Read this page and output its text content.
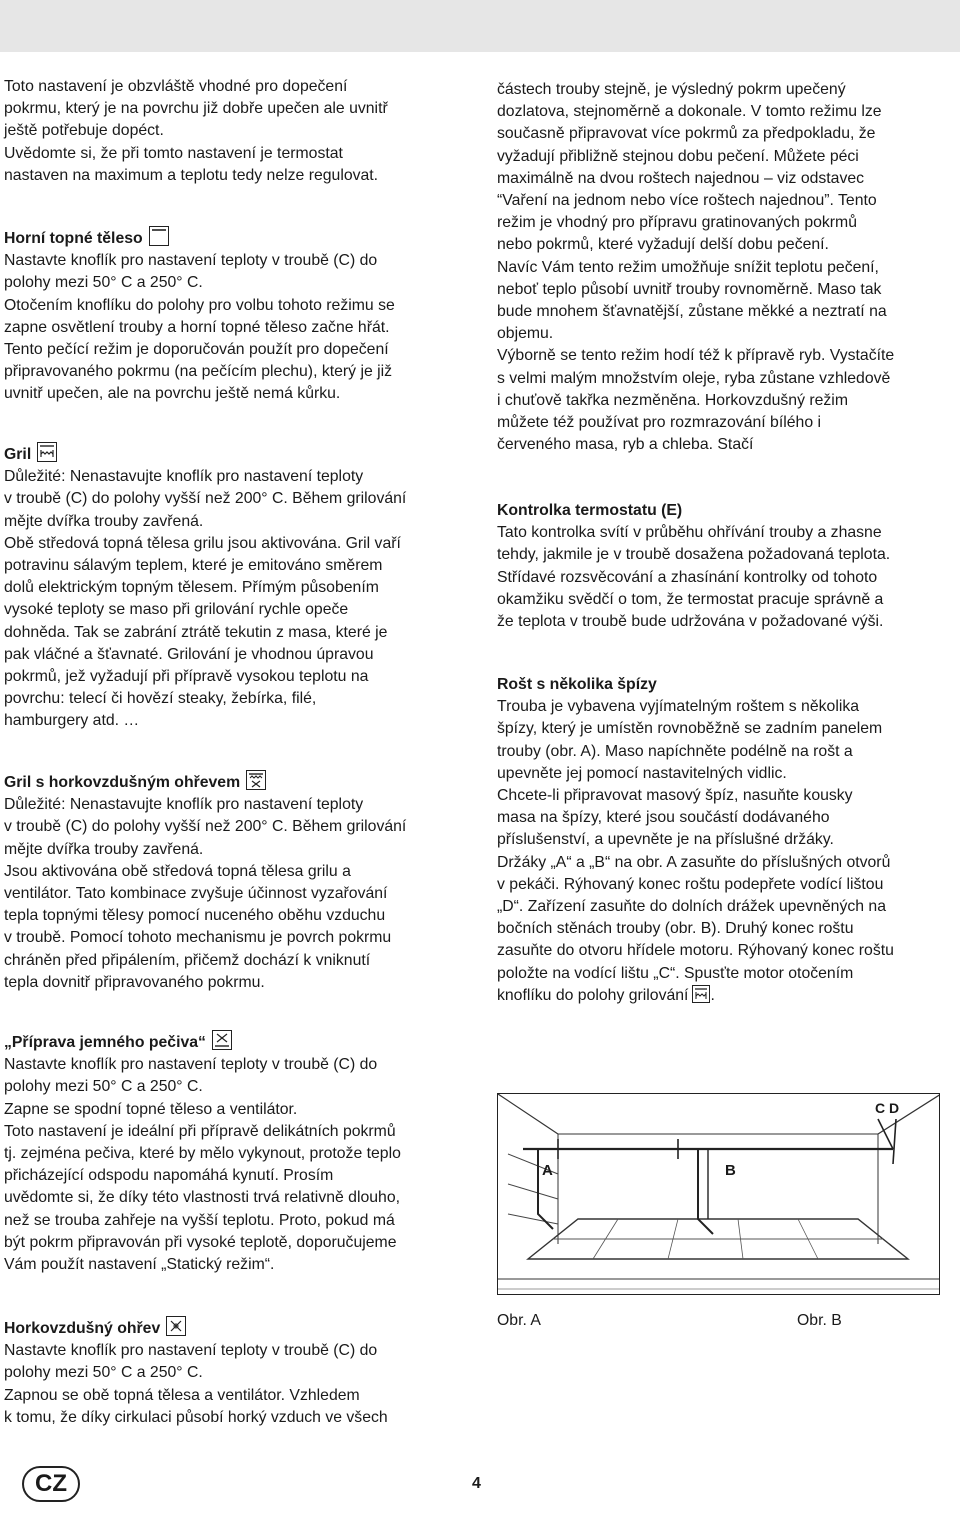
Toto nastavení je obzvláště vhodné pro dopečení

pokrmu, který je na povrchu již dobře upečen ale uvnitř

ještě potřebuje dopéct.

Uvědomte si, že při tomto nastavení je termostat

nastaven na maximum a teplotu tedy nelze regulovat.

Horní topné těleso

Nastavte knoflík pro nastavení teploty v troubě (C) do

polohy mezi 50° C a 250° C.

Otočením knoflíku do polohy pro volbu tohoto režimu se

zapne osvětlení trouby a horní topné těleso začne hřát.

Tento pečící režim je doporučován použít pro dopečení

připravovaného pokrmu (na pečícím plechu), který je již

uvnitř upečen, ale na povrchu ještě nemá kůrku.

Gril

Důležité: Nenastavujte knoflík pro nastavení teploty

v troubě (C) do polohy vyšší než 200° C. Během grilování

mějte dvířka trouby zavřená.

Obě středová topná tělesa grilu jsou aktivována. Gril vaří

potravinu sálavým teplem, které je emitováno směrem

dolů elektrickým topným tělesem. Přímým působením

vysoké teploty se maso při grilování rychle opeče

dohněda. Tak se zabrání ztrátě tekutin z masa, které je

pak vláčné a šťavnaté. Grilování je vhodnou úpravou

pokrmů, jež vyžadují při přípravě vysokou teplotu na

povrchu: telecí či hovězí steaky, žebírka, filé,

hamburgery atd. …

Gril s horkovzdušným ohřevem

Důležité: Nenastavujte knoflík pro nastavení teploty

v troubě (C) do polohy vyšší než 200° C. Během grilování

mějte dvířka trouby zavřená.

Jsou aktivována obě středová topná tělesa grilu a

ventilátor. Tato kombinace zvyšuje účinnost vyzařování

tepla topnými tělesy pomocí nuceného oběhu vzduchu

v troubě. Pomocí tohoto mechanismu je povrch pokrmu

chráněn před připálením, přičemž dochází k vniknutí

tepla dovnitř připravovaného pokrmu.

„Příprava jemného pečiva“

Nastavte knoflík pro nastavení teploty v troubě (C) do

polohy mezi 50° C a 250° C.

Zapne se spodní topné těleso a ventilátor.

Toto nastavení je ideální při přípravě delikátních pokrmů

tj. zejména pečiva, které by mělo vykynout, protože teplo

přicházející odspodu napomáhá kynutí. Prosím

uvědomte si, že díky této vlastnosti trvá relativně dlouho,

než se trouba zahřeje na vyšší teplotu. Proto, pokud má

být pokrm připravován při vysoké teplotě, doporučujeme

Vám použít nastavení „Statický režim“.

Horkovzdušný ohřev

Nastavte knoflík pro nastavení teploty v troubě (C) do

polohy mezi 50° C a 250° C.

Zapnou se obě topná tělesa a ventilátor. Vzhledem

k tomu, že díky cirkulaci působí horký vzduch ve všech

částech trouby stejně, je výsledný pokrm upečený

dozlatova, stejnoměrně a dokonale. V tomto režimu lze

současně připravovat více pokrmů za předpokladu, že

vyžadují přibližně stejnou dobu pečení. Můžete péci

maximálně na dvou roštech najednou – viz odstavec

“Vaření na jednom nebo více roštech najednou”. Tento

režim je vhodný pro přípravu gratinovaných pokrmů

nebo pokrmů, které vyžadují delší dobu pečení.

Navíc Vám tento režim umožňuje snížit teplotu pečení,

neboť teplo působí uvnitř trouby rovnoměrně. Maso tak

bude mnohem šťavnatější, zůstane měkké a neztratí na

objemu.

Výborně se tento režim hodí též k přípravě ryb. Vystačíte

s velmi malým množstvím oleje, ryba zůstane vzhledově

i chuťově takřka nezměněna. Horkovzdušný režim

můžete též používat pro rozmrazování bílého i

červeného masa, ryb a chleba. Stačí

Kontrolka termostatu (E)

Tato kontrolka svítí v průběhu ohřívání trouby a zhasne

tehdy, jakmile je v troubě dosažena požadovaná teplota.

Střídavé rozsvěcování a zhasínání kontrolky od tohoto

okamžiku svědčí o tom, že termostat pracuje správně a

že teplota v troubě bude udržována v požadované výši.

Rošt s několika špízy

Trouba je vybavena vyjímatelným roštem s několika

špízy, který je umístěn rovnoběžně se zadním panelem

trouby (obr. A). Maso napíchněte podélně na rošt a

upevněte jej pomocí nastavitelných vidlic.

Chcete-li připravovat masový špíz, nasuňte kousky

masa na špízy, které jsou součástí dodávaného

příslušenství, a upevněte je na příslušné držáky.

Držáky „A“ a „B“ na obr. A zasuňte do příslušných otvorů

v pekáči. Rýhovaný konec roštu podepřete vodící lištou

„D“. Zařízení zasuňte do dolních drážek upevněných na

bočních stěnách trouby (obr. B). Druhý konec roštu

zasuňte do otvoru hřídele motoru. Rýhovaný konec roštu

položte na vodící lištu „C“. Spusťte motor otočením

knoflíku do polohy grilování .

A	B
C D
Obr. A	Obr. B
CZ	4
